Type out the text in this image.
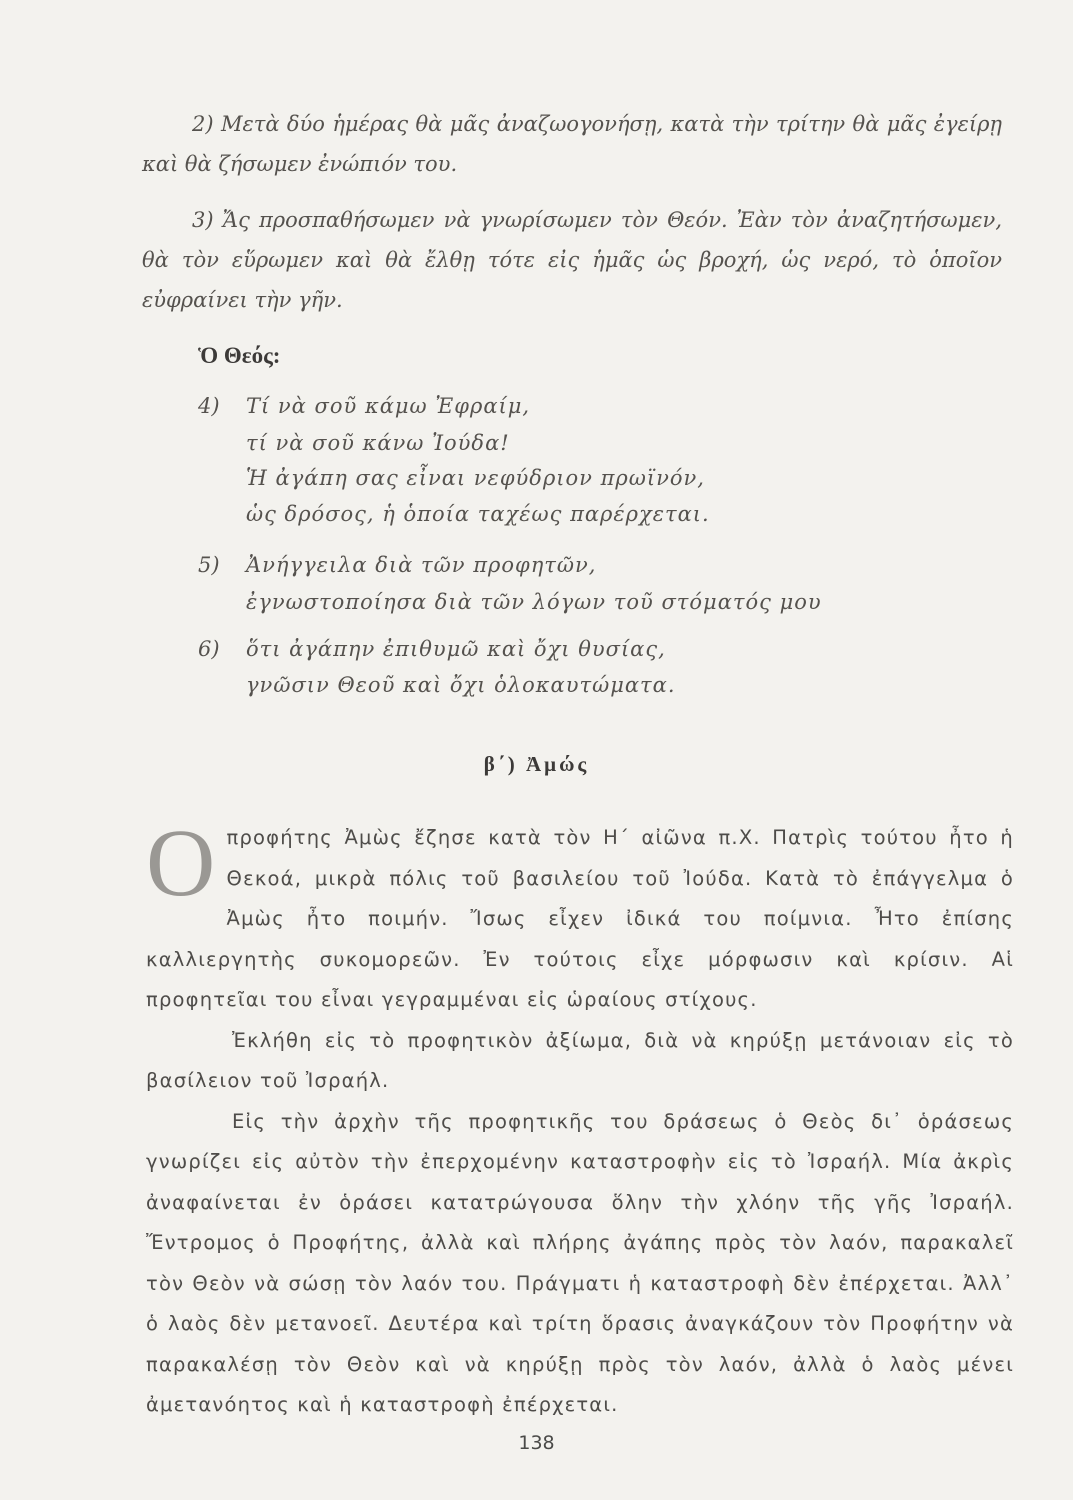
2) Μετὰ δύο ἡμέρας θὰ μᾶς ἀναζωογονήσῃ, κατὰ τὴν τρίτην θὰ μᾶς ἐγείρῃ καὶ θὰ ζήσωμεν ἐνώπιόν του.
3) Ἄς προσπαθήσωμεν νὰ γνωρίσωμεν τὸν Θεόν. Ἐὰν τὸν ἀναζητήσωμεν, θὰ τὸν εὕρωμεν καὶ θὰ ἔλθῃ τότε εἰς ἡμᾶς ὡς βροχή, ὡς νερό, τὸ ὁποῖον εὐφραίνει τὴν γῆν.
Ὁ Θεός:
4)	Τί νὰ σοῦ κάμω Ἐφραίμ,
τί νὰ σοῦ κάνω Ἰούδα!
Ἡ ἀγάπη σας εἶναι νεφύδριον πρωϊνόν,
ὡς δρόσος, ἡ ὁποία ταχέως παρέρχεται.
5)	Ἀνήγγειλα διὰ τῶν προφητῶν,
ἐγνωστοποίησα διὰ τῶν λόγων τοῦ στόματός μου
6)	ὅτι ἀγάπην ἐπιθυμῶ καὶ ὄχι θυσίας,
γνῶσιν Θεοῦ καὶ ὄχι ὁλοκαυτώματα.
β΄) Ἀμώς

Ο προφήτης Ἀμὼς ἔζησε κατὰ τὸν Η΄ αἰῶνα π.Χ. Πατρὶς τούτου ἦτο ἡ Θεκοά, μικρὰ πόλις τοῦ βασιλείου τοῦ Ἰούδα. Κατὰ τὸ ἐπάγγελμα ὁ Ἀμὼς ἦτο ποιμήν. Ἴσως εἶχεν ἰδικά του ποίμνια. Ἦτο ἐπίσης καλλιεργητὴς συκομορεῶν. Ἐν τούτοις εἶχε μόρφωσιν καὶ κρίσιν. Αἱ προφητεῖαι του εἶναι γεγραμμέναι εἰς ὡραίους στίχους.

Ἐκλήθη εἰς τὸ προφητικὸν ἀξίωμα, διὰ νὰ κηρύξῃ μετάνοιαν εἰς τὸ βασίλειον τοῦ Ἰσραήλ.

Εἰς τὴν ἀρχὴν τῆς προφητικῆς του δράσεως ὁ Θεὸς δι᾽ ὁράσεως γνωρίζει εἰς αὐτὸν τὴν ἐπερχομένην καταστροφὴν εἰς τὸ Ἰσραήλ. Μία ἀκρὶς ἀναφαίνεται ἐν ὁράσει κατατρώγουσα ὅλην τὴν χλόην τῆς γῆς Ἰσραήλ. Ἔντρομος ὁ Προφήτης, ἀλλὰ καὶ πλήρης ἀγάπης πρὸς τὸν λαόν, παρακαλεῖ τὸν Θεὸν νὰ σώσῃ τὸν λαόν του. Πράγματι ἡ καταστροφὴ δὲν ἐπέρχεται. Ἀλλ᾽ ὁ λαὸς δὲν μετανοεῖ. Δευτέρα καὶ τρίτη ὅρασις ἀναγκάζουν τὸν Προφήτην νὰ παρακαλέσῃ τὸν Θεὸν καὶ νὰ κηρύξῃ πρὸς τὸν λαόν, ἀλλὰ ὁ λαὸς μένει ἀμετανόητος καὶ ἡ καταστροφὴ ἐπέρχεται.

138
